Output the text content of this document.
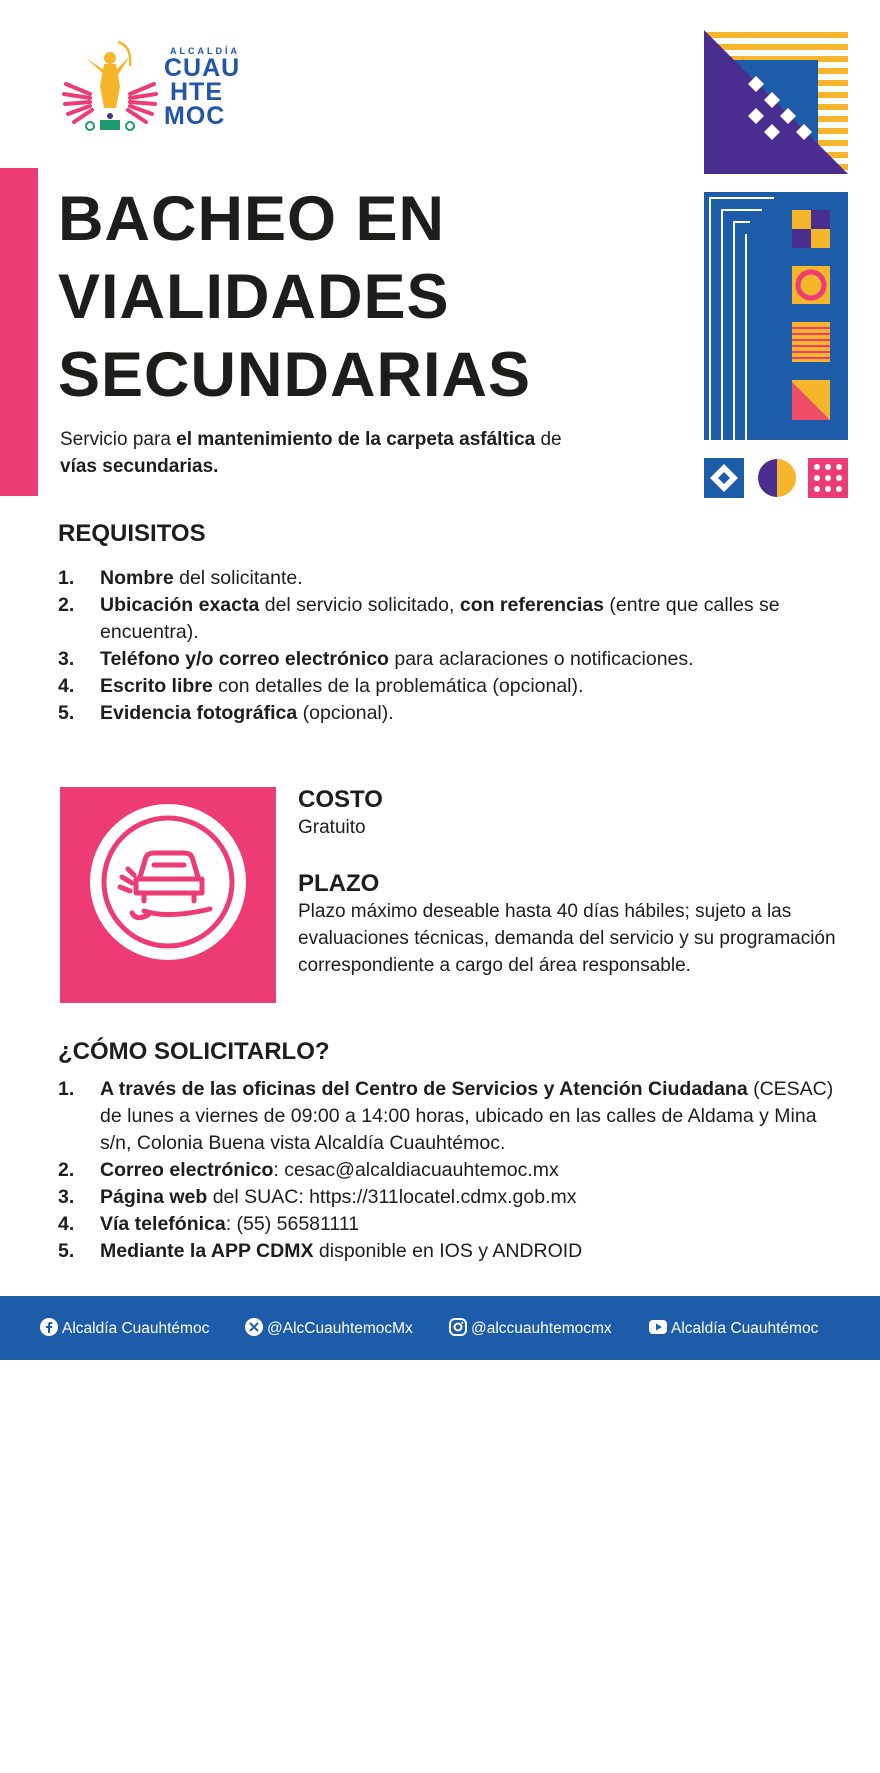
ALCALDÍA
CUAU
HTE
MOC
BACHEO EN
VIALIDADES
SECUNDARIAS
Servicio para el mantenimiento de la carpeta asfáltica de
vías secundarias.
REQUISITOS
1. Nombre del solicitante.
2. Ubicación exacta del servicio solicitado, con referencias (entre que calles se encuentra).
3. Teléfono y/o correo electrónico para aclaraciones o notificaciones.
4. Escrito libre con detalles de la problemática (opcional).
5. Evidencia fotográfica (opcional).
CUIDADO, BACHE
COSTO
Gratuito
PLAZO
Plazo máximo deseable hasta 40 días hábiles; sujeto a las evaluaciones técnicas, demanda del servicio y su programación correspondiente a cargo del área responsable.
¿CÓMO SOLICITARLO?
1. A través de las oficinas del Centro de Servicios y Atención Ciudadana (CESAC) de lunes a viernes de 09:00 a 14:00 horas, ubicado en las calles de Aldama y Mina s/n, Colonia Buena vista Alcaldía Cuauhtémoc.
2. Correo electrónico: cesac@alcaldiacuauhtemoc.mx
3. Página web del SUAC: https://311locatel.cdmx.gob.mx
4. Vía telefónica: (55) 56581111
5. Mediante la APP CDMX disponible en IOS y ANDROID
Alcaldía Cuauhtémoc	@AlcCuauhtemocMx	@alccuauhtemocmx	Alcaldía Cuauhtémoc
